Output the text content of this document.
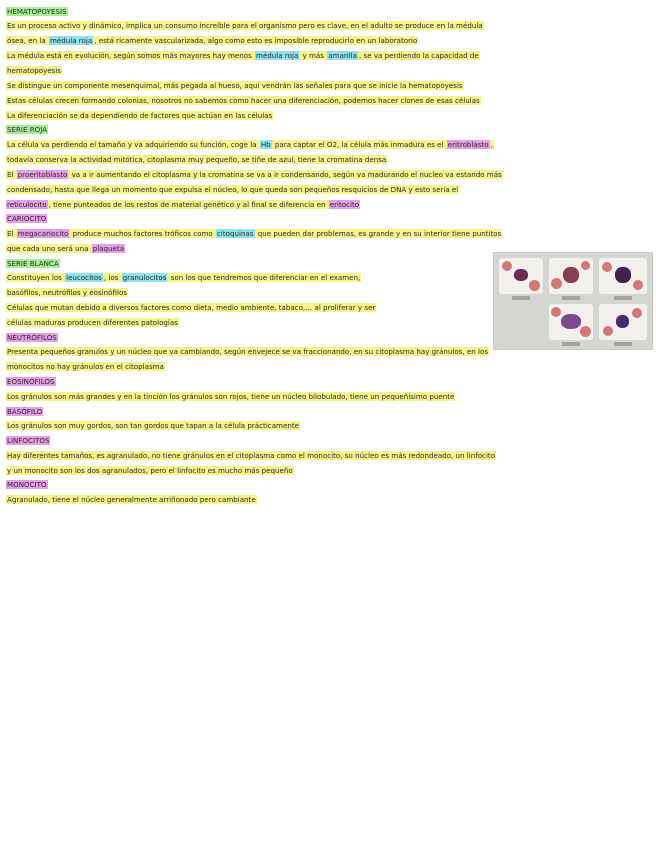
HEMATOPOYESIS
Es un proceso activo y dinámico, implica un consumo increíble para el organismo pero es clave, en el adulto se produce en la médula
ósea, en la médula roja , está ricamente vascularizada, algo como esto es imposible reproducirlo en un laboratorio
La médula está en evolución, según somos más mayores hay menos médula roja y más amarilla , se va perdiendo la capacidad de
hematopoyesis
Se distingue un componente mesenquimal, más pegada al hueso, aquí vendrán las señales para que se inicie la hematopoyesis
Estas células crecen formando colonias, nosotros no sabemos como hacer una diferenciación, podemos hacer clones de esas células
La diferenciación se da dependiendo de factores que actúan en las células
SERIE ROJA
La célula va perdiendo el tamaño y va adquiriendo su función, coge la Hb para captar el O2, la célula más inmadura es el eritroblasto ,
todavía conserva la actividad mitótica, citoplasma muy pequeño, se tiñe de azul, tiene la cromatina densa
El proeritoblasto va a ir aumentando el citoplasma y la cromatina se va a ir condensando, según va madurando el nucleo va estando más
condensado, hasta que llega un momento que expulsa el núcleo, lo que queda son pequeños resquicios de DNA y esto sería el
reticulocito , tiene punteados de los restos de material genético y al final se diferencia en eritocito
CARIOCITO
El megacariocito produce muchos factores tróficos como citoquinas que pueden dar problemas, es grande y en su interior tiene puntitos
que cada uno será una plaqueta
SERIE BLANCA
Constituyen los leucocitos , los granulocitos son los que tendremos que diferenciar en el examen,
basófilos, neutrófilos y eosinófilos
Células que mutan debido a diversos factores como dieta, medio ambiente, tabaco,… al proliferar y ser
células maduras producen diferentes patologías
NEUTRÓFILOS
Presenta pequeños granulos y un núcleo que va cambiando, según envejece se va fraccionando, en su citoplasma hay gránulos, en los
monocitos no hay gránulos en el citoplasma
EOSINÓFILOS
Los gránulos son más grandes y en la tinción los gránulos son rojos, tiene un núcleo bilobulado, tiene un pequeñísimo puente
BASÓFILO
Los gránulos son muy gordos, son tan gordos que tapan a la célula prácticamente
LINFOCITOS
Hay diferentes tamaños, es agranulado, no tiene gránulos en el citoplasma como el monocito, su núcleo es más redondeado, un linfocito
y un monocito son los dos agranulados, pero el linfocito es mucho más pequeño
MONOCITO
Agranulado, tiene el núcleo generalmente arriñonado pero cambiante
